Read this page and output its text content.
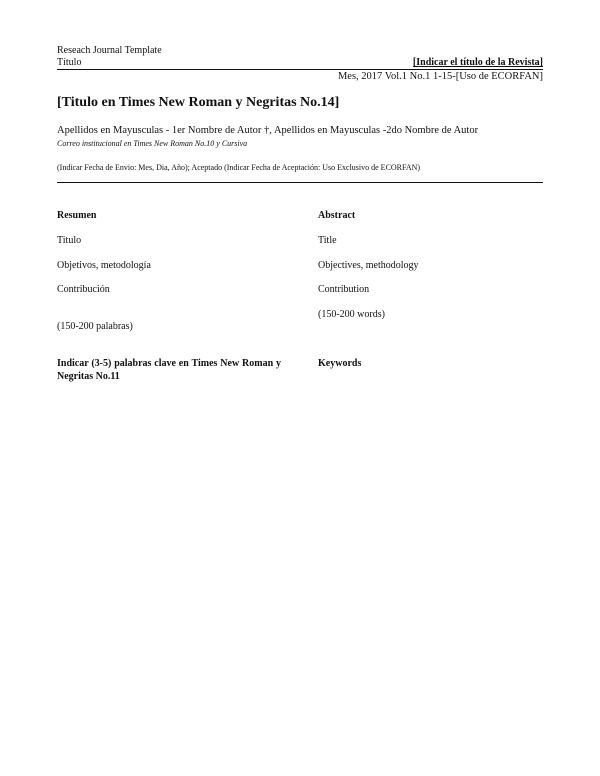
Reseach Journal Template
Título	[Indicar el título de la Revista]
Mes, 2017 Vol.1 No.1 1-15-[Uso de ECORFAN]
[Titulo en Times New Roman y Negritas No.14]
Apellidos en Mayusculas - 1er Nombre de Autor †, Apellidos en Mayusculas -2do Nombre de Autor
Correo institucional en Times New Roman No.10 y Cursiva
(Indicar Fecha de Envio: Mes, Dia, Año); Aceptado (Indicar Fecha de Aceptación: Uso Exclusivo de ECORFAN)
Resumen
Titulo
Objetivos, metodología
Contribución
(150-200 palabras)
Indicar (3-5) palabras clave en Times New Roman y Negritas No.11
Abstract
Title
Objectives, methodology
Contribution
(150-200 words)
Keywords
